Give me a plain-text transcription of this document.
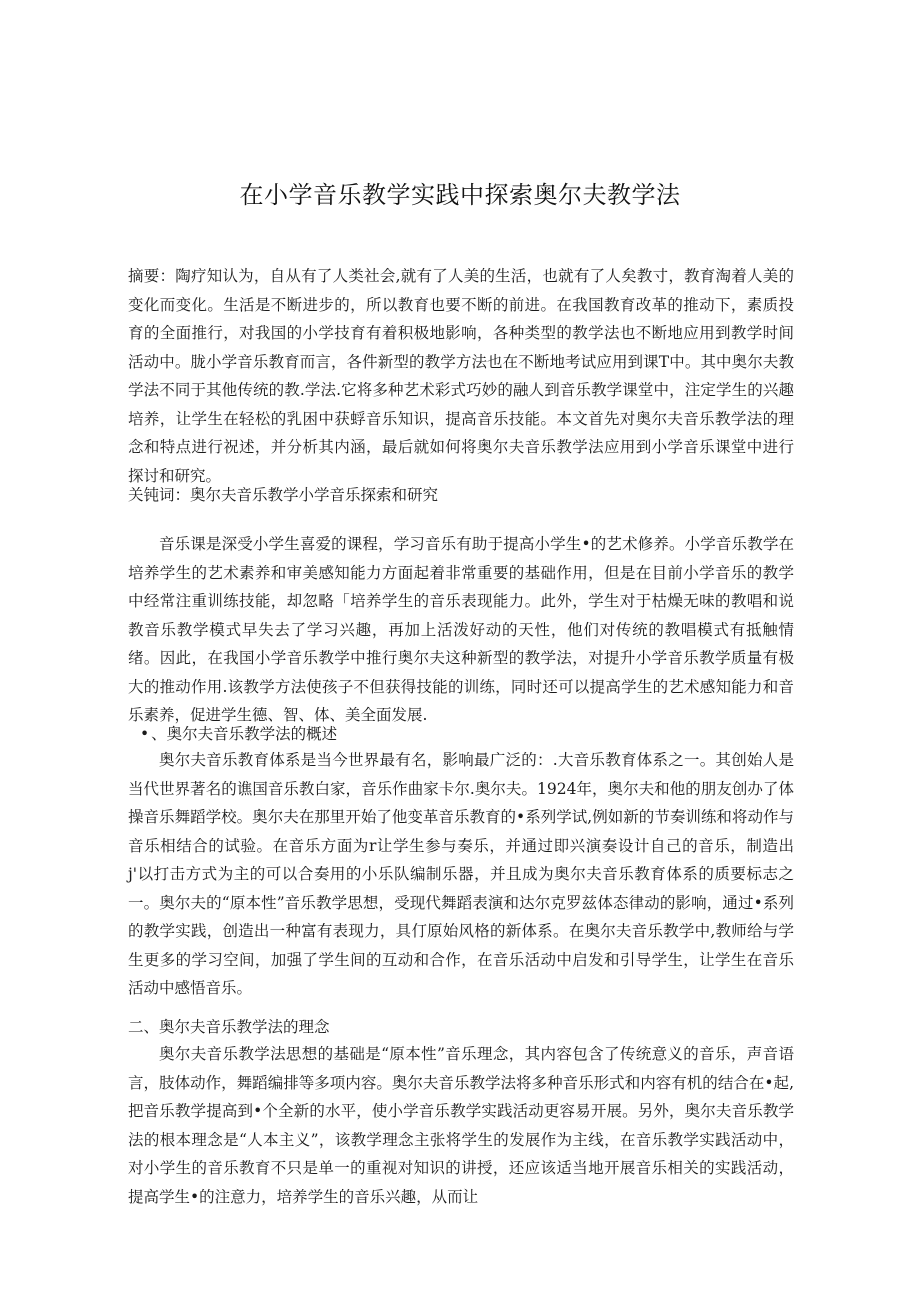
在小学音乐教学实践中探索奥尔夫教学法

摘要：陶疗知认为，自从有了人类社会,就有了人美的生活，也就有了人矣教寸，教育淘着人美的变化而变化。生活是不断进步的，所以教育也要不断的前进。在我国教育改革的推动下，素质投育的全面推行，对我国的小学技育有着积极地影响，各种类型的教学法也不断地应用到教学时间活动中。胧小学音乐教育而言，各件新型的教学方法也在不断地考试应用到课T中。其中奥尔夫教学法不同于其他传统的教.学法.它将多种艺术彩式巧妙的融人到音乐教学课堂中，注定学生的兴趣培养，让学生在轻松的乳困中获蜉音乐知识，提高音乐技能。本文首先对奥尔夫音乐教学法的理念和特点进行祝述，并分析其内涵，最后就如何将奥尔夫音乐教学法应用到小学音乐课堂中进行探讨和研究。

关钝词：奥尔夫音乐教学小学音乐探索和研究

音乐课是深受小学生喜爱的课程，学习音乐有助于提高小学生•的艺术修养。小学音乐教学在培养学生的艺术素养和审美感知能力方面起着非常重要的基础作用，但是在目前小学音乐的教学中经常注重训练技能，却忽略「培养学生的音乐表现能力。此外，学生对于枯燥无味的教唱和说教音乐教学模式早失去了学习兴趣，再加上活泼好动的天性，他们对传统的教唱模式有抵触情绪。因此，在我国小学音乐教学中推行奥尔夫这种新型的教学法，对提升小学音乐教学质量有极大的推动作用.该教学方法使孩子不但获得技能的训练，同时还可以提高学生的艺术感知能力和音乐素养，促进学生德、智、体、美全面发展.

• 、奥尔夫音乐教学法的概述

奥尔夫音乐教育体系是当今世界最有名，影响最广泛的：.大音乐教育体系之一。其创始人是当代世界著名的谯国音乐教白家，音乐作曲家卡尔.奥尔夫。1924年，奥尔夫和他的朋友创办了体操音乐舞蹈学校。奥尔夫在那里开始了他变革音乐教育的•系列学试,例如新的节奏训练和将动作与音乐相结合的试验。在音乐方面为r让学生参与奏乐，并通过即兴演奏设计自己的音乐，制造出j'以打击方式为主的可以合奏用的小乐队编制乐器，并且成为奥尔夫音乐教育体系的质要标志之一。奥尔夫的“原本性”音乐教学思想，受现代舞蹈表演和达尔克罗兹体态律动的影响，通过•系列的教学实践，创造出一种富有表现力，具仃原始风格的新体系。在奥尔夫音乐教学中,教师给与学生更多的学习空间，加强了学生间的互动和合作，在音乐活动中启发和引导学生，让学生在音乐活动中感悟音乐。

二、奥尔夫音乐教学法的理念

奥尔夫音乐教学法思想的基础是“原本性”音乐理念，其内容包含了传统意义的音乐，声音语言，肢体动作，舞蹈编排等多项内容。奥尔夫音乐教学法将多种音乐形式和内容有机的结合在•起,把音乐教学提高到•个全新的水平，使小学音乐教学实践活动更容易开展。另外，奥尔夫音乐教学法的根本理念是“人本主义”，该教学理念主张将学生的发展作为主线，在音乐教学实践活动中，对小学生的音乐教育不只是单一的重视对知识的讲授，还应该适当地开展音乐相关的实践活动，提高学生•的注意力，培养学生的音乐兴趣，从而让
